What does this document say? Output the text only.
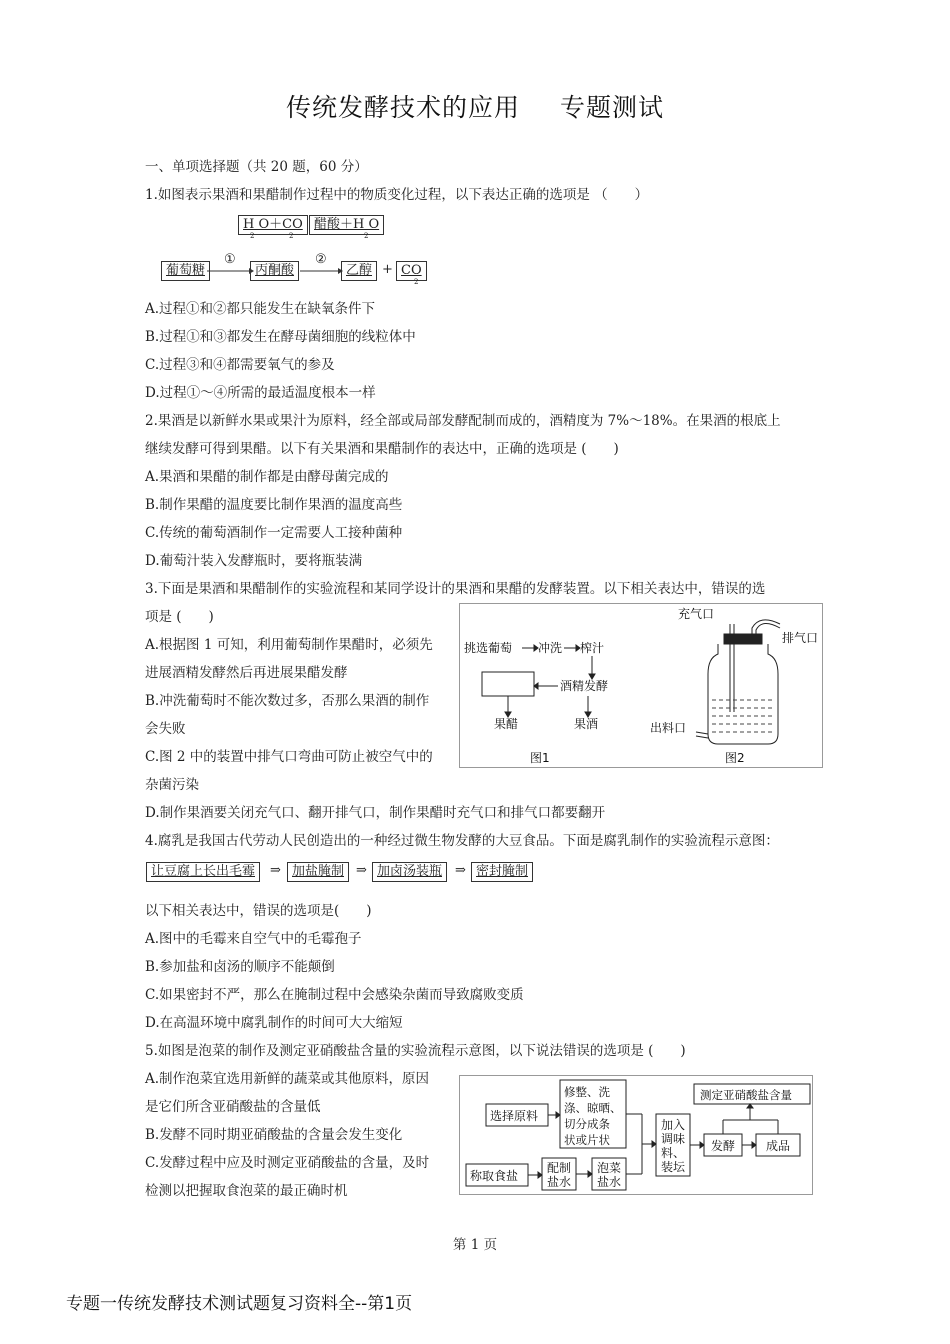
传统发酵技术的应用 专题测试
一、单项选择题（共 20 题，60 分）
1.如图表示果酒和果醋制作过程中的物质变化过程，以下表达正确的选项是 （　　）
H O＋CO 醋酸＋H O
2	2	2
葡萄糖
①
丙酮酸
②
乙醇 + CO
2
A.过程①和②都只能发生在缺氧条件下
B.过程①和③都发生在酵母菌细胞的线粒体中
C.过程③和④都需要氧气的参及
D.过程①～④所需的最适温度根本一样
2.果酒是以新鲜水果或果汁为原料，经全部或局部发酵配制而成的，酒精度为 7%～18%。在果酒的根底上
继续发酵可得到果醋。以下有关果酒和果醋制作的表达中，正确的选项是 (　　)
A.果酒和果醋的制作都是由酵母菌完成的
B.制作果醋的温度要比制作果酒的温度高些
C.传统的葡萄酒制作一定需要人工接种菌种
D.葡萄汁装入发酵瓶时，要将瓶装满
3.下面是果酒和果醋制作的实验流程和某同学设计的果酒和果醋的发酵装置。以下相关表达中，错误的选
项是 (　　)
A.根据图 1 可知，利用葡萄制作果醋时，必须先
进展酒精发酵然后再进展果醋发酵
B.冲洗葡萄时不能次数过多，否那么果酒的制作
会失败
C.图 2 中的装置中排气口弯曲可防止被空气中的
杂菌污染
D.制作果酒要关闭充气口、翻开排气口，制作果醋时充气口和排气口都要翻开
挑选葡萄 冲洗 榨汁
酒精发酵
果醋	果酒
图1
充气口
排气口
出料口
图2
4.腐乳是我国古代劳动人民创造出的一种经过微生物发酵的大豆食品。下面是腐乳制作的实验流程示意图：
让豆腐上长出毛霉	⇒ 加盐腌制 ⇒ 加卤汤装瓶 ⇒ 密封腌制
以下相关表达中，错误的选项是(　　)
A.图中的毛霉来自空气中的毛霉孢子
B.参加盐和卤汤的顺序不能颠倒
C.如果密封不严，那么在腌制过程中会感染杂菌而导致腐败变质
D.在高温环境中腐乳制作的时间可大大缩短
5.如图是泡菜的制作及测定亚硝酸盐含量的实验流程示意图，以下说法错误的选项是 (　　)
A.制作泡菜宜选用新鲜的蔬菜或其他原料，原因
是它们所含亚硝酸盐的含量低
B.发酵不同时期亚硝酸盐的含量会发生变化
C.发酵过程中应及时测定亚硝酸盐的含量，及时
检测以把握取食泡菜的最正确时机
选择原料
修整、洗
涤、晾晒、
切分成条
状或片状
称取食盐
配制
盐水
泡菜
盐水
加入
调味
料、
装坛
发酵	成品
测定亚硝酸盐含量
第 1 页
专题一传统发酵技术测试题复习资料全--第1页
